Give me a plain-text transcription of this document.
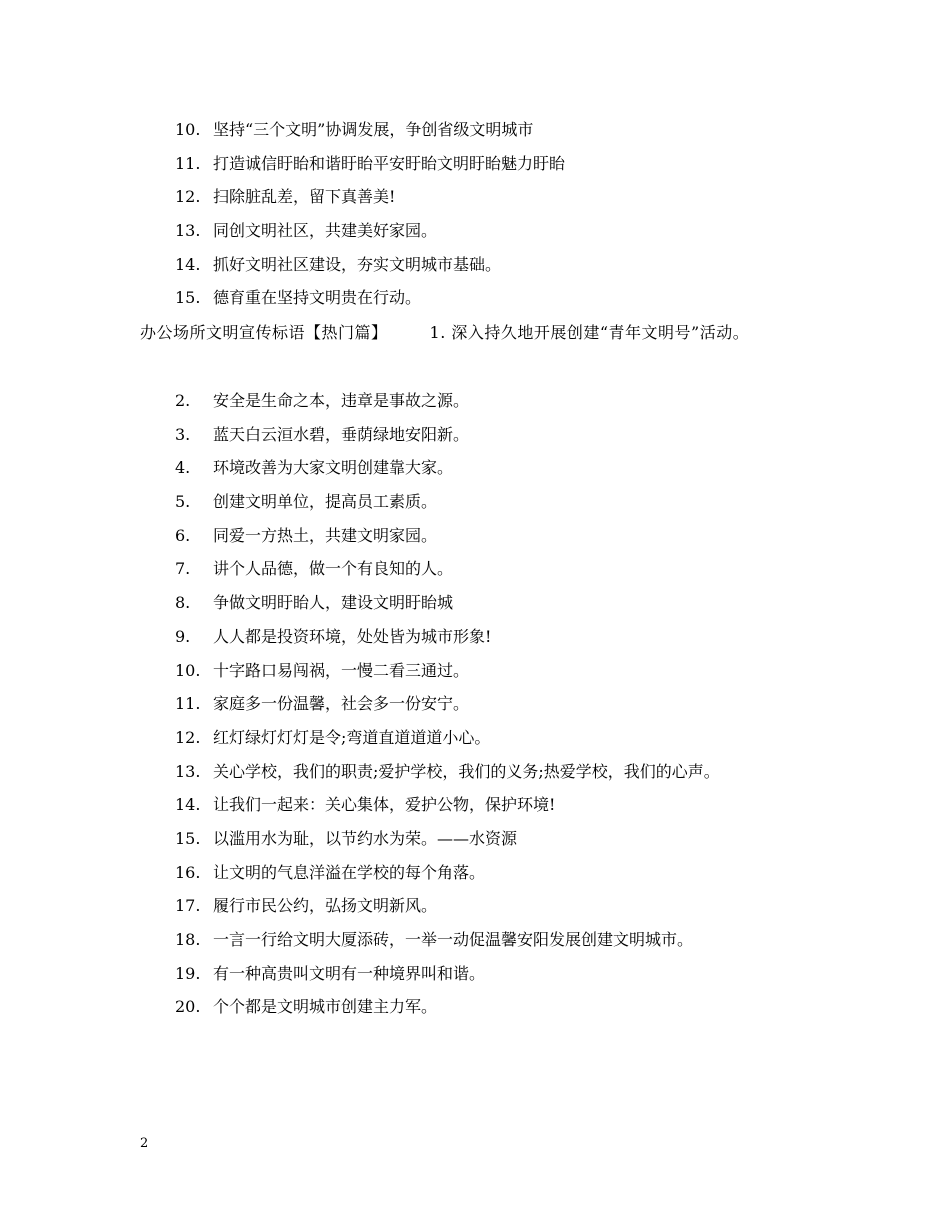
10. 坚持“三个文明”协调发展，争创省级文明城市
11. 打造诚信盱眙和谐盱眙平安盱眙文明盱眙魅力盱眙
12. 扫除脏乱差，留下真善美!
13. 同创文明社区，共建美好家园。
14. 抓好文明社区建设，夯实文明城市基础。
15. 德育重在坚持文明贵在行动。
办公场所文明宣传标语【热门篇】	1. 深入持久地开展创建“青年文明号”活动。
2. 安全是生命之本，违章是事故之源。
3. 蓝天白云洹水碧，垂荫绿地安阳新。
4. 环境改善为大家文明创建靠大家。
5. 创建文明单位，提高员工素质。
6. 同爱一方热土，共建文明家园。
7. 讲个人品德，做一个有良知的人。
8. 争做文明盱眙人，建设文明盱眙城
9. 人人都是投资环境，处处皆为城市形象!
10. 十字路口易闯祸，一慢二看三通过。
11. 家庭多一份温馨，社会多一份安宁。
12. 红灯绿灯灯灯是令;弯道直道道道小心。
13. 关心学校，我们的职责;爱护学校，我们的义务;热爱学校，我们的心声。
14. 让我们一起来：关心集体，爱护公物，保护环境!
15. 以滥用水为耻，以节约水为荣。——水资源
16. 让文明的气息洋溢在学校的每个角落。
17. 履行市民公约，弘扬文明新风。
18. 一言一行给文明大厦添砖，一举一动促温馨安阳发展创建文明城市。
19. 有一种高贵叫文明有一种境界叫和谐。
20. 个个都是文明城市创建主力军。
2
